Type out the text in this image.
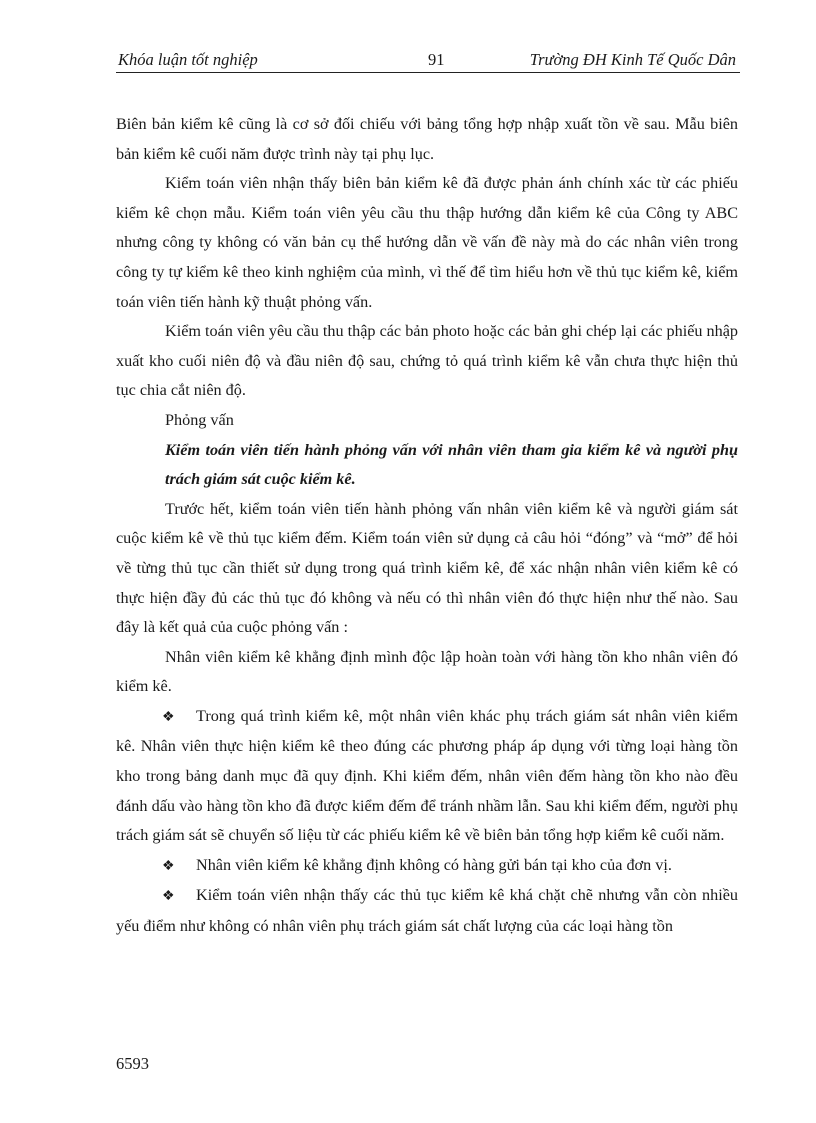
Khóa luận tốt nghiệp	91	Trường ĐH Kinh Tế Quốc Dân

Biên bản kiểm kê cũng là cơ sở đối chiếu với bảng tổng hợp nhập xuất tồn về sau. Mẫu biên bản kiểm kê cuối năm được trình này tại phụ lục.

Kiểm toán viên nhận thấy biên bản kiểm kê đã được phản ánh chính xác từ các phiếu kiểm kê chọn mẫu. Kiểm toán viên yêu cầu thu thập hướng dẫn kiểm kê của Công ty ABC nhưng công ty không có văn bản cụ thể hướng dẫn về vấn đề này mà do các nhân viên trong công ty tự kiểm kê theo kinh nghiệm của mình, vì thế để tìm hiểu hơn về thủ tục kiểm kê, kiểm toán viên tiến hành kỹ thuật phỏng vấn.

Kiểm toán viên yêu cầu thu thập các bản photo hoặc các bản ghi chép lại các phiếu nhập xuất kho cuối niên độ và đầu niên độ sau, chứng tỏ quá trình kiểm kê vẫn chưa thực hiện thủ tục chia cắt niên độ.

Phỏng vấn

Kiểm toán viên tiến hành phỏng vấn với nhân viên tham gia kiểm kê và người phụ trách giám sát cuộc kiểm kê.

Trước hết, kiểm toán viên tiến hành phỏng vấn nhân viên kiểm kê và người giám sát cuộc kiểm kê về thủ tục kiểm đếm. Kiểm toán viên sử dụng cả câu hỏi “đóng” và “mở” để hỏi về từng thủ tục cần thiết sử dụng trong quá trình kiểm kê, để xác nhận nhân viên kiểm kê có thực hiện đầy đủ các thủ tục đó không và nếu có thì nhân viên đó thực hiện như thế nào. Sau đây là kết quả của cuộc phỏng vấn :

Nhân viên kiểm kê khẳng định mình độc lập hoàn toàn với hàng tồn kho nhân viên đó kiểm kê.

❖ Trong quá trình kiểm kê, một nhân viên khác phụ trách giám sát nhân viên kiểm kê. Nhân viên thực hiện kiểm kê theo đúng các phương pháp áp dụng với từng loại hàng tồn kho trong bảng danh mục đã quy định. Khi kiểm đếm, nhân viên đếm hàng tồn kho nào đều đánh dấu vào hàng tồn kho đã được kiểm đếm để tránh nhầm lẫn. Sau khi kiểm đếm, người phụ trách giám sát sẽ chuyển số liệu từ các phiếu kiểm kê về biên bản tổng hợp kiểm kê cuối năm.

❖ Nhân viên kiểm kê khẳng định không có hàng gửi bán tại kho của đơn vị.

❖ Kiểm toán viên nhận thấy các thủ tục kiểm kê khá chặt chẽ nhưng vẫn còn nhiều yếu điểm như không có nhân viên phụ trách giám sát chất lượng của các loại hàng tồn

6593
